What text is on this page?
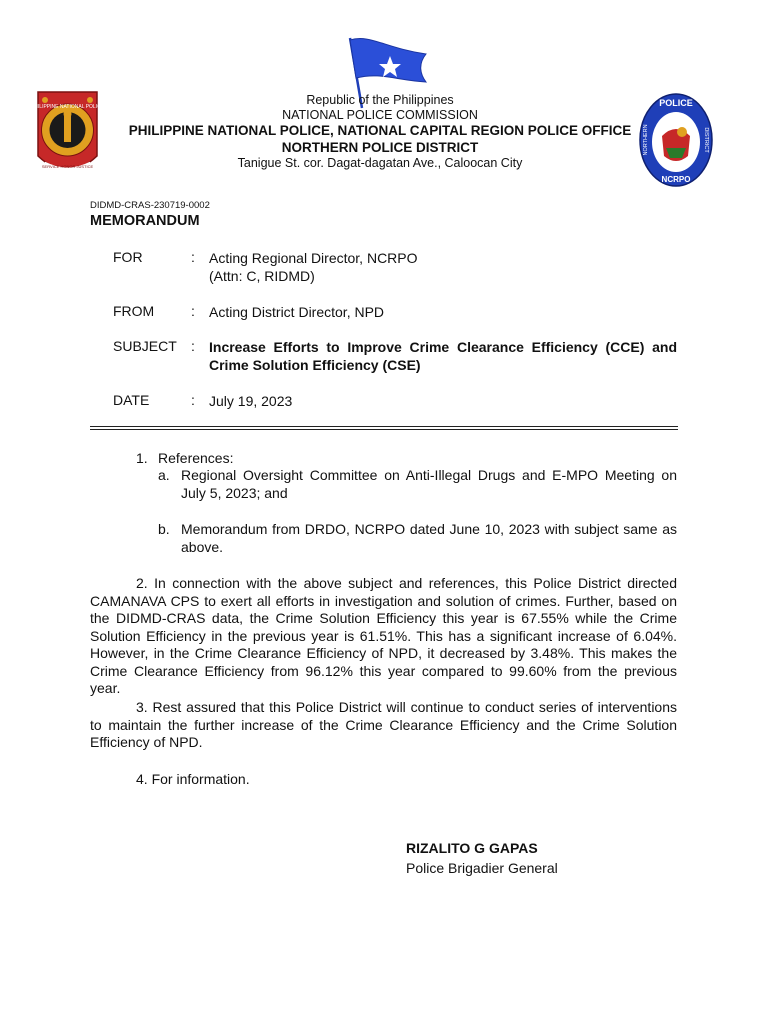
PHILIPPINE NATIONAL POLICE
SERVICE HONOR JUSTICE
POLICE
NCRPO
NORTHERN	DISTRICT
Republic of the Philippines
NATIONAL POLICE COMMISSION
PHILIPPINE NATIONAL POLICE, NATIONAL CAPITAL REGION POLICE OFFICE
NORTHERN POLICE DISTRICT
Tanigue St. cor. Dagat-dagatan Ave., Caloocan City
DIDMD-CRAS-230719-0002
MEMORANDUM
FOR	: Acting Regional Director, NCRPO
(Attn: C, RIDMD)
FROM	: Acting District Director, NPD
SUBJECT : Increase Efforts to Improve Crime Clearance Efficiency (CCE) and Crime Solution Efficiency (CSE)
DATE	: July 19, 2023
1. References:
a. Regional Oversight Committee on Anti-Illegal Drugs and E-MPO Meeting on July 5, 2023; and
b. Memorandum from DRDO, NCRPO dated June 10, 2023 with subject same as above.
2. In connection with the above subject and references, this Police District directed CAMANAVA CPS to exert all efforts in investigation and solution of crimes. Further, based on the DIDMD-CRAS data, the Crime Solution Efficiency this year is 67.55% while the Crime Solution Efficiency in the previous year is 61.51%. This has a significant increase of 6.04%. However, in the Crime Clearance Efficiency of NPD, it decreased by 3.48%. This makes the Crime Clearance Efficiency from 96.12% this year compared to 99.60% from the previous year.
3. Rest assured that this Police District will continue to conduct series of interventions to maintain the further increase of the Crime Clearance Efficiency and the Crime Solution Efficiency of NPD.
4. For information.
RIZALITO G GAPAS
Police Brigadier General
